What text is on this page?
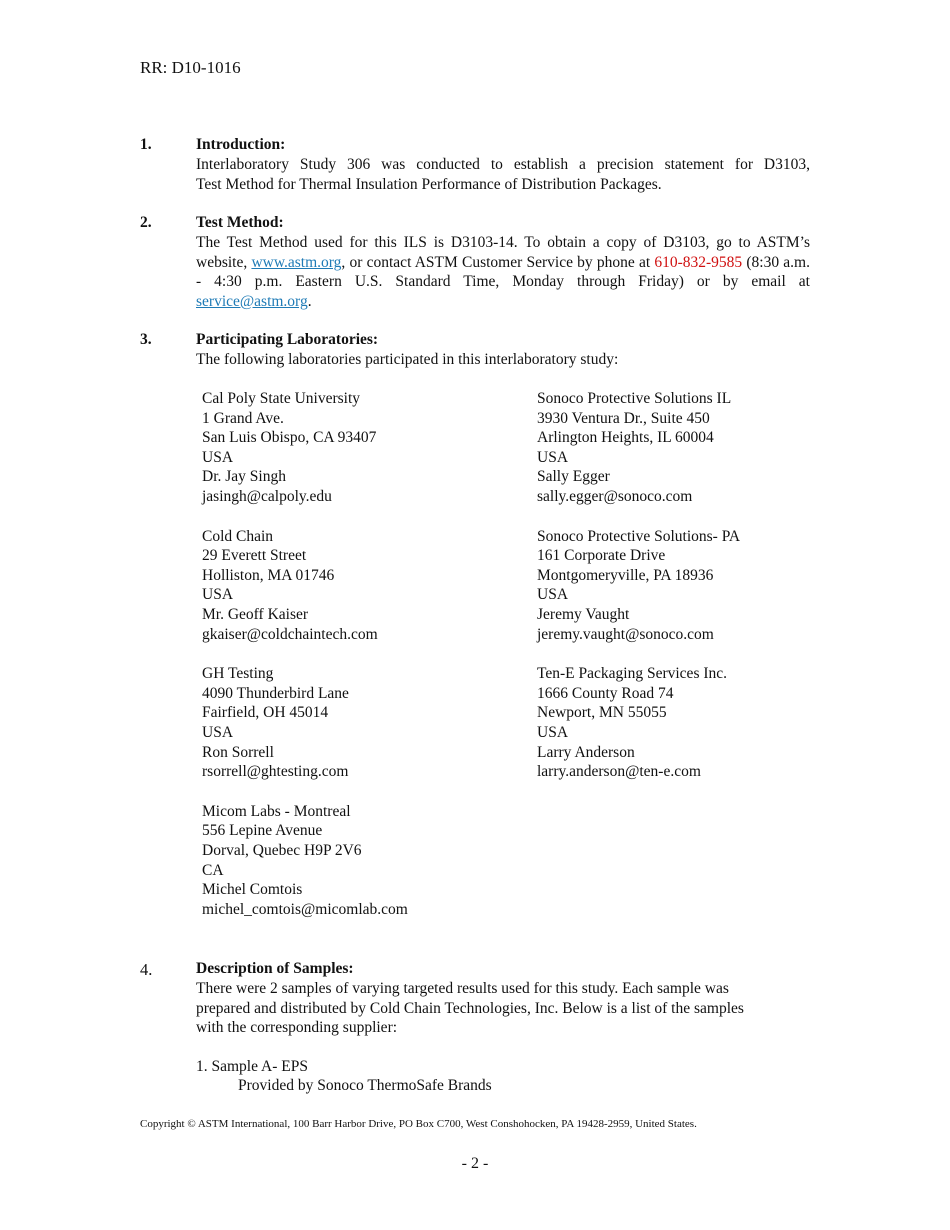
RR: D10-1016
1.	Introduction:
Interlaboratory Study 306 was conducted to establish a precision statement for D3103,
Test Method for Thermal Insulation Performance of Distribution Packages.
2.	Test Method:
The Test Method used for this ILS is D3103-14. To obtain a copy of D3103, go to ASTM’s website, www.astm.org, or contact ASTM Customer Service by phone at 610-832-9585 (8:30 a.m. - 4:30 p.m. Eastern U.S. Standard Time, Monday through Friday) or by email at service@astm.org.
3.	Participating Laboratories:
The following laboratories participated in this interlaboratory study:
Cal Poly State University
1 Grand Ave.
San Luis Obispo, CA 93407
USA
Dr. Jay Singh
jasingh@calpoly.edu
Cold Chain
29 Everett Street
Holliston, MA 01746
USA
Mr. Geoff Kaiser
gkaiser@coldchaintech.com
GH Testing
4090 Thunderbird Lane
Fairfield, OH 45014
USA
Ron Sorrell
rsorrell@ghtesting.com
Micom Labs - Montreal
556 Lepine Avenue
Dorval, Quebec H9P 2V6
CA
Michel Comtois
michel_comtois@micomlab.com
Sonoco Protective Solutions IL
3930 Ventura Dr., Suite 450
Arlington Heights, IL 60004
USA
Sally Egger
sally.egger@sonoco.com
Sonoco Protective Solutions- PA
161 Corporate Drive
Montgomeryville, PA 18936
USA
Jeremy Vaught
jeremy.vaught@sonoco.com
Ten-E Packaging Services Inc.
1666 County Road 74
Newport, MN 55055
USA
Larry Anderson
larry.anderson@ten-e.com
4.	Description of Samples:
There were 2 samples of varying targeted results used for this study. Each sample was
prepared and distributed by Cold Chain Technologies, Inc. Below is a list of the samples
with the corresponding supplier:
1. Sample A- EPS
Provided by Sonoco ThermoSafe Brands
Copyright © ASTM International, 100 Barr Harbor Drive, PO Box C700, West Conshohocken, PA 19428-2959, United States.
- 2 -
